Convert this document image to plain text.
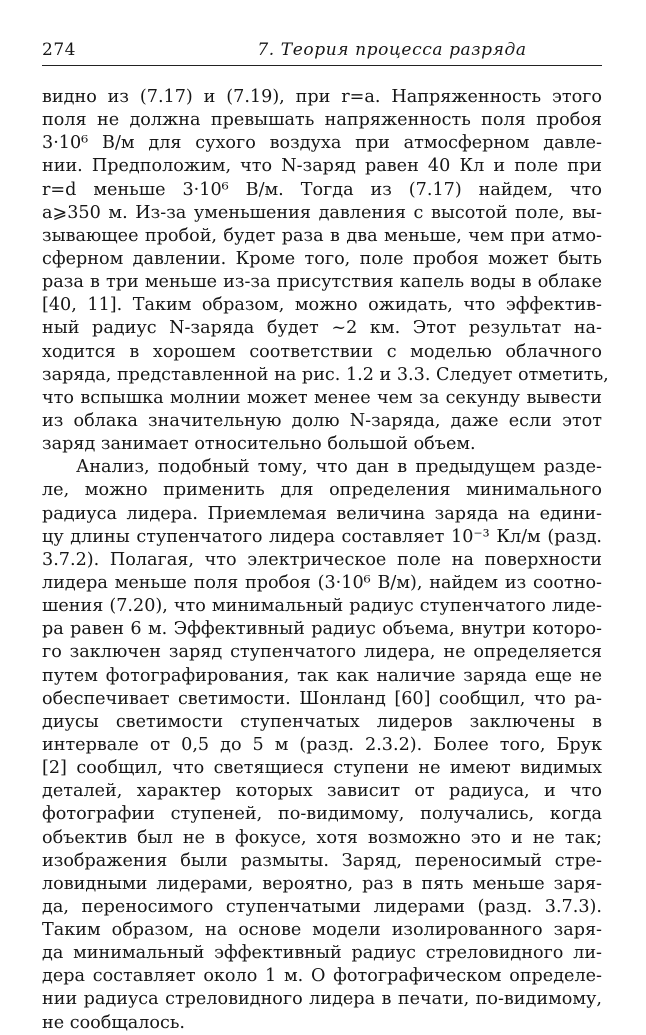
274	7. Теория процесса разряда
видно из (7.17) и (7.19), при r=a. Напряженность этого
поля не должна превышать напряженность поля пробоя
3·10⁶ В/м для сухого воздуха при атмосферном давле-
нии. Предположим, что N-заряд равен 40 Кл и поле при
r=d меньше 3·10⁶ В/м. Тогда из (7.17) найдем, что
a⩾350 м. Из-за уменьшения давления с высотой поле, вы-
зывающее пробой, будет раза в два меньше, чем при атмо-
сферном давлении. Кроме того, поле пробоя может быть
раза в три меньше из-за присутствия капель воды в облаке
[40, 11]. Таким образом, можно ожидать, что эффектив-
ный радиус N-заряда будет ~2 км. Этот результат на-
ходится в хорошем соответствии с моделью облачного
заряда, представленной на рис. 1.2 и 3.3. Следует отметить,
что вспышка молнии может менее чем за секунду вывести
из облака значительную долю N-заряда, даже если этот
заряд занимает относительно большой объем.
Анализ, подобный тому, что дан в предыдущем разде-
ле, можно применить для определения минимального
радиуса лидера. Приемлемая величина заряда на едини-
цу длины ступенчатого лидера составляет 10⁻³ Кл/м (разд.
3.7.2). Полагая, что электрическое поле на поверхности
лидера меньше поля пробоя (3·10⁶ В/м), найдем из соотно-
шения (7.20), что минимальный радиус ступенчатого лиде-
ра равен 6 м. Эффективный радиус объема, внутри которо-
го заключен заряд ступенчатого лидера, не определяется
путем фотографирования, так как наличие заряда еще не
обеспечивает светимости. Шонланд [60] сообщил, что ра-
диусы светимости ступенчатых лидеров заключены в
интервале от 0,5 до 5 м (разд. 2.3.2). Более того, Брук
[2] сообщил, что светящиеся ступени не имеют видимых
деталей, характер которых зависит от радиуса, и что
фотографии ступеней, по-видимому, получались, когда
объектив был не в фокусе, хотя возможно это и не так;
изображения были размыты. Заряд, переносимый стре-
ловидными лидерами, вероятно, раз в пять меньше заря-
да, переносимого ступенчатыми лидерами (разд. 3.7.3).
Таким образом, на основе модели изолированного заря-
да минимальный эффективный радиус стреловидного ли-
дера составляет около 1 м. О фотографическом определе-
нии радиуса стреловидного лидера в печати, по-видимому,
не сообщалось.
